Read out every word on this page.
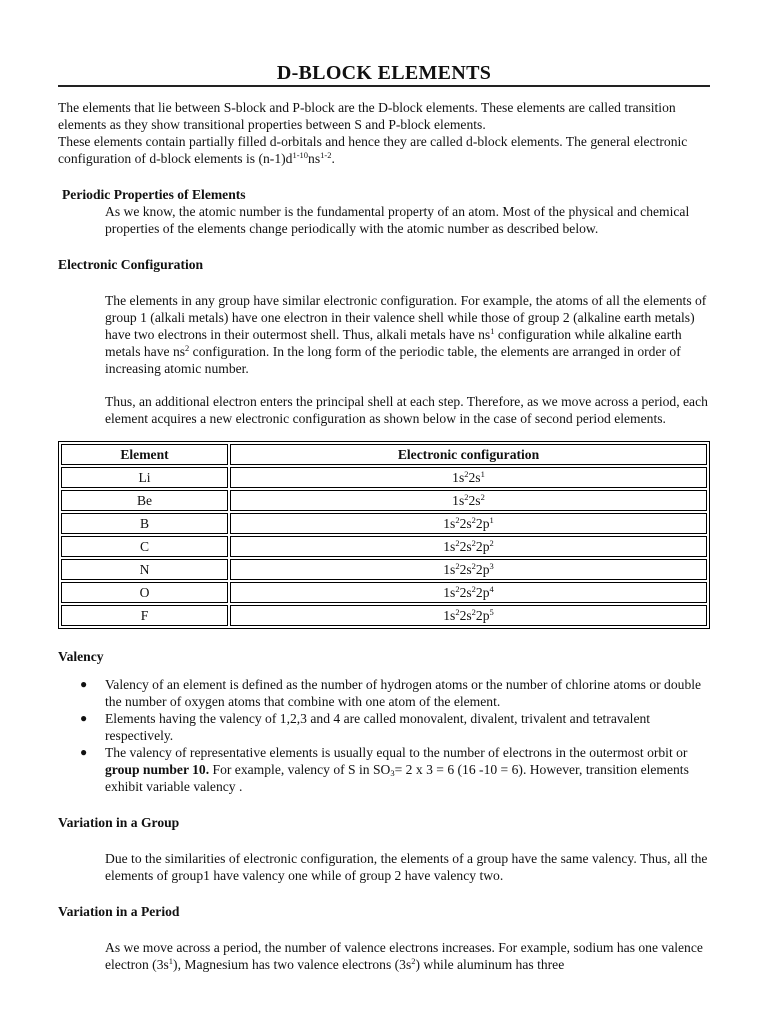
D-BLOCK ELEMENTS

The elements that lie between S-block and P-block are the D-block elements. These elements are called transition elements as they show transitional properties between S and P-block elements.

These elements contain partially filled d-orbitals and hence they are called d-block elements. The general electronic configuration of d-block elements is $(n-1)d^{1-10}ns^{1-2}$.

Periodic Properties of Elements

As we know, the atomic number is the fundamental property of an atom. Most of the physical and chemical properties of the elements change periodically with the atomic number as described below.

Electronic Configuration

The elements in any group have similar electronic configuration. For example, the atoms of all the elements of group 1 (alkali metals) have one electron in their valence shell while those of group 2 (alkaline earth metals) have two electrons in their outermost shell. Thus, alkali metals have $ns^1$ configuration while alkaline earth metals have $ns^2$ configuration. In the long form of the periodic table, the elements are arranged in order of increasing atomic number.

Thus, an additional electron enters the principal shell at each step. Therefore, as we move across a period, each element acquires a new electronic configuration as shown below in the case of second period elements.

Element	Electronic configuration
Li	$1s^22s^1$
Be	$1s^22s^2$
B	$1s^22s^22p^1$
C	$1s^22s^22p^2$
N	$1s^22s^22p^3$
O	$1s^22s^22p^4$
F	$1s^22s^22p^5$

Valency

● Valency of an element is defined as the number of hydrogen atoms or the number of chlorine atoms or double the number of oxygen atoms that combine with one atom of the element.
● Elements having the valency of 1,2,3 and 4 are called monovalent, divalent, trivalent and tetravalent respectively.
● The valency of representative elements is usually equal to the number of electrons in the outermost orbit or group number 10. For example, valency of S in $SO_3= 2$ x 3 = 6 (16 -10 = 6). However, transition elements exhibit variable valency .

Variation in a Group

Due to the similarities of electronic configuration, the elements of a group have the same valency. Thus, all the elements of group1 have valency one while of group 2 have valency two.

Variation in a Period

As we move across a period, the number of valence electrons increases. For example, sodium has one valence electron $(3s^1)$, Magnesium has two valence electrons $(3s^2)$ while aluminum has three
